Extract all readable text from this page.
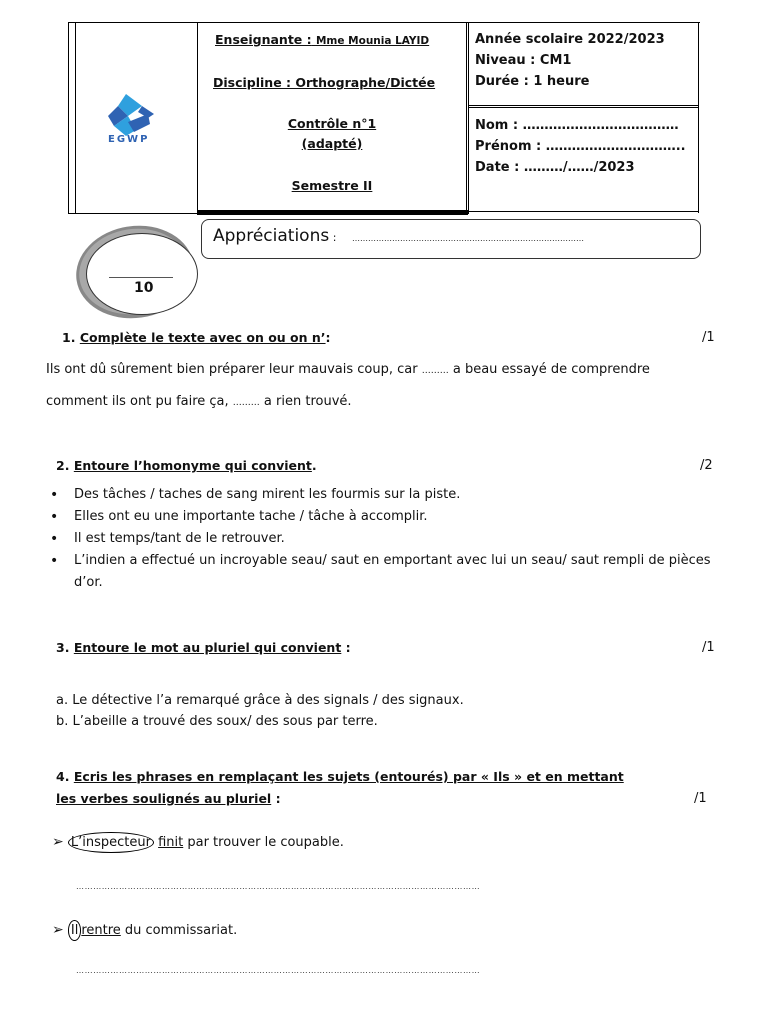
EGWP
Enseignante : Mme Mounia LAYID
Discipline : Orthographe/Dictée
Contrôle n°1
(adapté)
Semestre II
Année scolaire 2022/2023
Niveau : CM1
Durée : 1 heure
Nom : ………………………………
Prénom : …………………………..
Date : ………/……/2023
10
Appréciations : ……………………………………………………………………………
1. Complète le texte avec on ou on n’:	/1
Ils ont dû sûrement bien préparer leur mauvais coup, car ……… a beau essayé de comprendre
comment ils ont pu faire ça, ……… a rien trouvé.
2. Entoure l’homonyme qui convient.	/2
• Des tâches / taches de sang mirent les fourmis sur la piste.
• Elles ont eu une importante tache / tâche à accomplir.
• Il est temps/tant de le retrouver.
• L’indien a effectué un incroyable seau/ saut en emportant avec lui un seau/ saut rempli de pièces d’or.
3. Entoure le mot au pluriel qui convient :	/1
a. Le détective l’a remarqué grâce à des signals / des signaux.
b. L’abeille a trouvé des soux/ des sous par terre.
4. Ecris les phrases en remplaçant les sujets (entourés) par « Ils » et en mettant
les verbes soulignés au pluriel :	/1
➢ L’inspecteur finit par trouver le coupable.
……………………………………………………………………………………………………………………………
➢ Il rentre du commissariat.
……………………………………………………………………………………………………………………………
